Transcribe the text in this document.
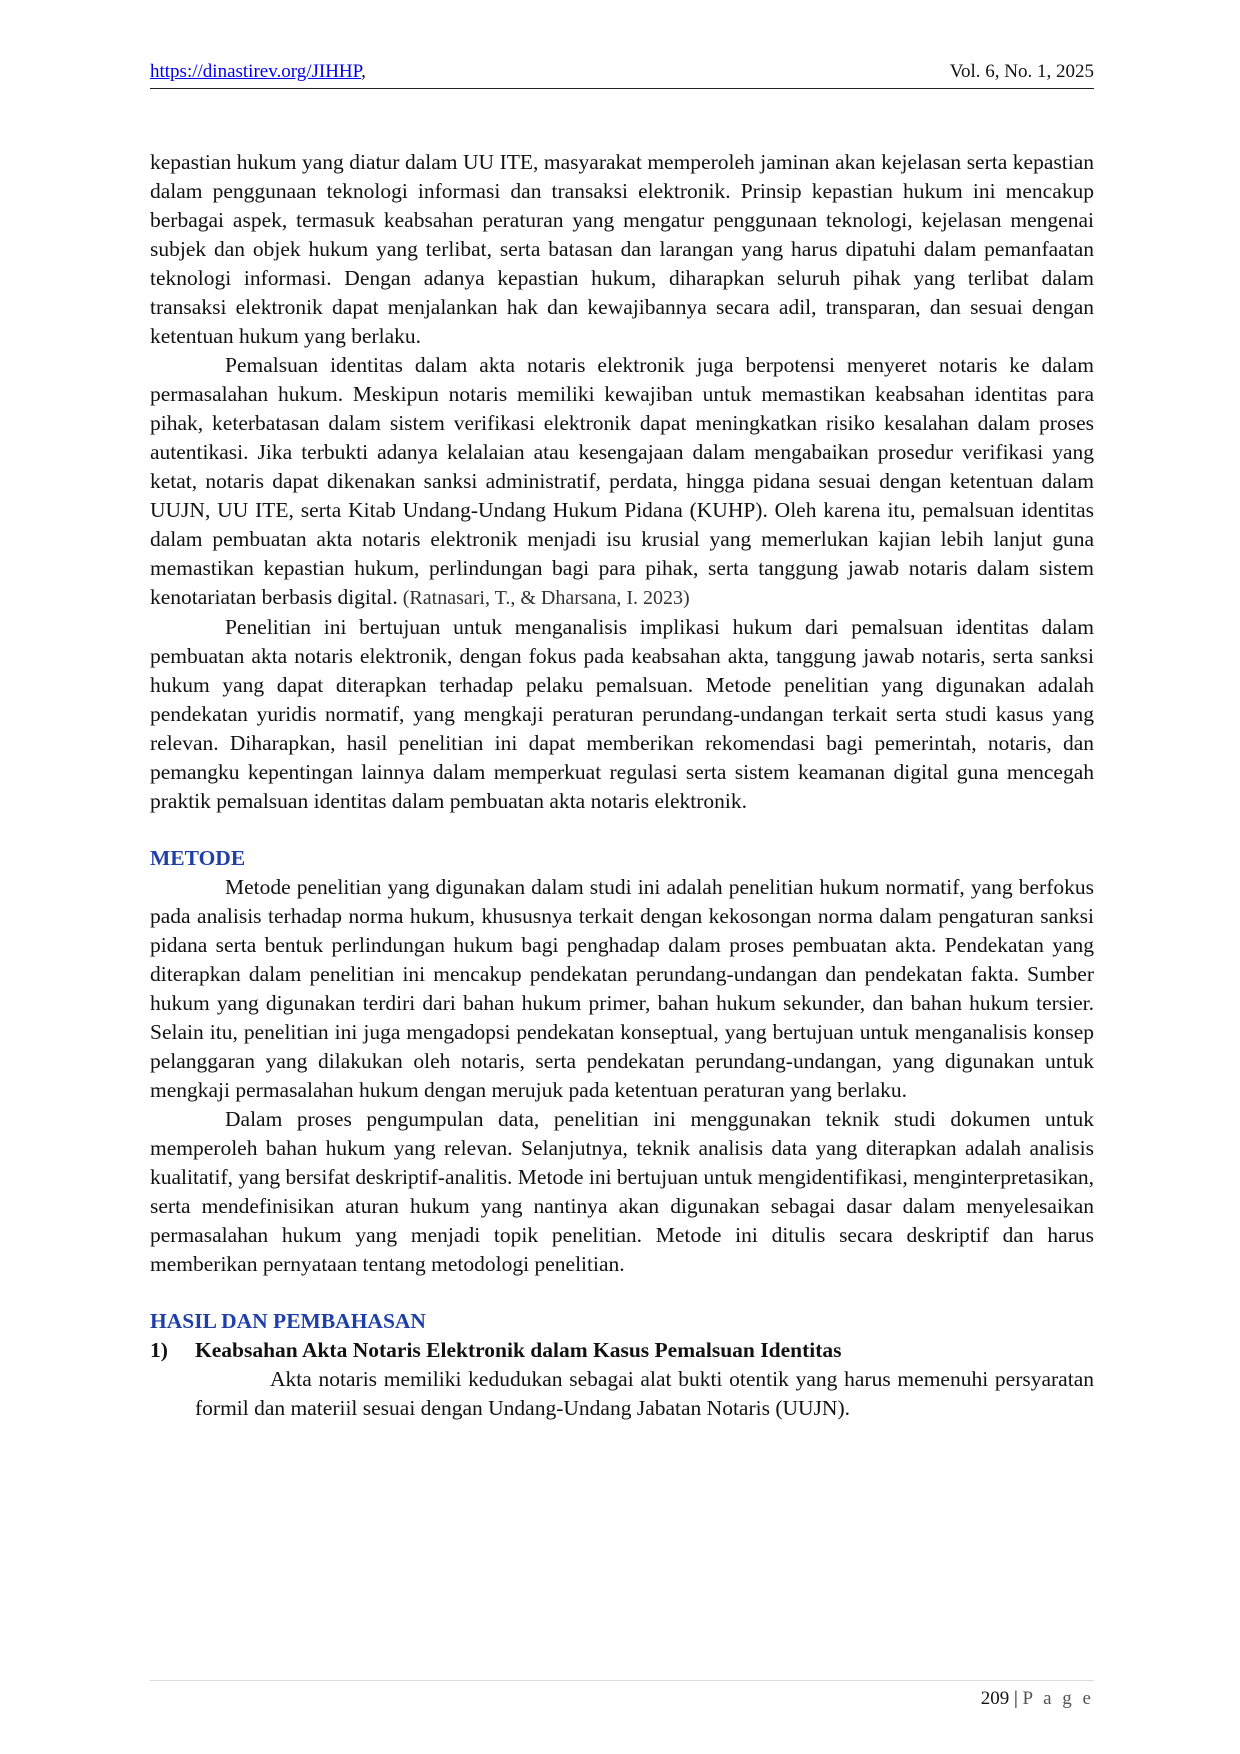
https://dinastirev.org/JIHHP,	Vol. 6, No. 1, 2025

kepastian hukum yang diatur dalam UU ITE, masyarakat memperoleh jaminan akan kejelasan serta kepastian dalam penggunaan teknologi informasi dan transaksi elektronik. Prinsip kepastian hukum ini mencakup berbagai aspek, termasuk keabsahan peraturan yang mengatur penggunaan teknologi, kejelasan mengenai subjek dan objek hukum yang terlibat, serta batasan dan larangan yang harus dipatuhi dalam pemanfaatan teknologi informasi. Dengan adanya kepastian hukum, diharapkan seluruh pihak yang terlibat dalam transaksi elektronik dapat menjalankan hak dan kewajibannya secara adil, transparan, dan sesuai dengan ketentuan hukum yang berlaku.

Pemalsuan identitas dalam akta notaris elektronik juga berpotensi menyeret notaris ke dalam permasalahan hukum. Meskipun notaris memiliki kewajiban untuk memastikan keabsahan identitas para pihak, keterbatasan dalam sistem verifikasi elektronik dapat meningkatkan risiko kesalahan dalam proses autentikasi. Jika terbukti adanya kelalaian atau kesengajaan dalam mengabaikan prosedur verifikasi yang ketat, notaris dapat dikenakan sanksi administratif, perdata, hingga pidana sesuai dengan ketentuan dalam UUJN, UU ITE, serta Kitab Undang-Undang Hukum Pidana (KUHP). Oleh karena itu, pemalsuan identitas dalam pembuatan akta notaris elektronik menjadi isu krusial yang memerlukan kajian lebih lanjut guna memastikan kepastian hukum, perlindungan bagi para pihak, serta tanggung jawab notaris dalam sistem kenotariatan berbasis digital. (Ratnasari, T., & Dharsana, I. 2023)

Penelitian ini bertujuan untuk menganalisis implikasi hukum dari pemalsuan identitas dalam pembuatan akta notaris elektronik, dengan fokus pada keabsahan akta, tanggung jawab notaris, serta sanksi hukum yang dapat diterapkan terhadap pelaku pemalsuan. Metode penelitian yang digunakan adalah pendekatan yuridis normatif, yang mengkaji peraturan perundang-undangan terkait serta studi kasus yang relevan. Diharapkan, hasil penelitian ini dapat memberikan rekomendasi bagi pemerintah, notaris, dan pemangku kepentingan lainnya dalam memperkuat regulasi serta sistem keamanan digital guna mencegah praktik pemalsuan identitas dalam pembuatan akta notaris elektronik.

METODE

Metode penelitian yang digunakan dalam studi ini adalah penelitian hukum normatif, yang berfokus pada analisis terhadap norma hukum, khususnya terkait dengan kekosongan norma dalam pengaturan sanksi pidana serta bentuk perlindungan hukum bagi penghadap dalam proses pembuatan akta. Pendekatan yang diterapkan dalam penelitian ini mencakup pendekatan perundang-undangan dan pendekatan fakta. Sumber hukum yang digunakan terdiri dari bahan hukum primer, bahan hukum sekunder, dan bahan hukum tersier. Selain itu, penelitian ini juga mengadopsi pendekatan konseptual, yang bertujuan untuk menganalisis konsep pelanggaran yang dilakukan oleh notaris, serta pendekatan perundang-undangan, yang digunakan untuk mengkaji permasalahan hukum dengan merujuk pada ketentuan peraturan yang berlaku.

Dalam proses pengumpulan data, penelitian ini menggunakan teknik studi dokumen untuk memperoleh bahan hukum yang relevan. Selanjutnya, teknik analisis data yang diterapkan adalah analisis kualitatif, yang bersifat deskriptif-analitis. Metode ini bertujuan untuk mengidentifikasi, menginterpretasikan, serta mendefinisikan aturan hukum yang nantinya akan digunakan sebagai dasar dalam menyelesaikan permasalahan hukum yang menjadi topik penelitian. Metode ini ditulis secara deskriptif dan harus memberikan pernyataan tentang metodologi penelitian.

HASIL DAN PEMBAHASAN
1)	Keabsahan Akta Notaris Elektronik dalam Kasus Pemalsuan Identitas

Akta notaris memiliki kedudukan sebagai alat bukti otentik yang harus memenuhi persyaratan formil dan materiil sesuai dengan Undang-Undang Jabatan Notaris (UUJN).

209 | P a g e
